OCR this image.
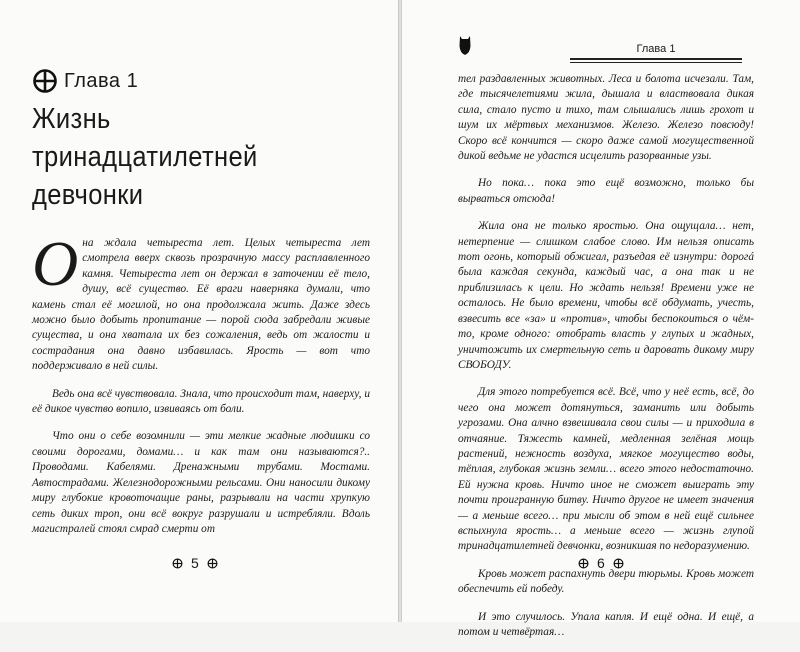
Глава 1
Жизнь тринадцатилетней девчонки

Она ждала четыреста лет. Целых четыреста лет смотрела вверх сквозь прозрачную массу расплавленного камня. Четыреста лет он держал в заточении её тело, душу, всё существо. Её враги наверняка думали, что камень стал её могилой, но она продолжала жить. Даже здесь можно было добыть пропитание — порой сюда забредали живые существа, и она хватала их без сожаления, ведь от жалости и сострадания она давно избавилась. Ярость — вот что поддерживало в ней силы.

Ведь она всё чувствовала. Знала, что происходит там, наверху, и её дикое чувство вопило, извиваясь от боли.

Что они о себе возомнили — эти мелкие жадные людишки со своими дорогами, домами… и как там они называются?.. Проводами. Кабелями. Дренажными трубами. Мостами. Автострадами. Железнодорожными рельсами. Они наносили дикому миру глубокие кровоточащие раны, разрывали на части хрупкую сеть диких троп, они всё вокруг разрушали и истребляли. Вдоль магистралей стоял смрад смерти от

5
Глава 1

тел раздавленных животных. Леса и болота исчезали. Там, где тысячелетиями жила, дышала и властвовала дикая сила, стало пусто и тихо, там слышались лишь грохот и шум их мёртвых механизмов. Железо. Железо повсюду! Скоро всё кончится — скоро даже самой могущественной дикой ведьме не удастся исцелить разорванные узы.

Но пока… пока это ещё возможно, только бы вырваться отсюда!

Жила она не только яростью. Она ощущала… нет, нетерпение — слишком слабое слово. Им нельзя описать тот огонь, который обжигал, разъедая её изнутри: дорогá была каждая секунда, каждый час, а она так и не приблизилась к цели. Но ждать нельзя! Времени уже не осталось. Не было времени, чтобы всё обдумать, учесть, взвесить все «за» и «против», чтобы беспокоиться о чём-то, кроме одного: отобрать власть у глупых и жадных, уничтожить их смертельную сеть и даровать дикому миру СВОБОДУ.

Для этого потребуется всё. Всё, что у неё есть, всё, до чего она может дотянуться, заманить или добыть угрозами. Она алчно взвешивала свои силы — и приходила в отчаяние. Тяжесть камней, медленная зелёная мощь растений, нежность воздуха, мягкое могущество воды, тёплая, глубокая жизнь земли… всего этого недостаточно. Ей нужна кровь. Ничто иное не сможет выиграть эту почти проигранную битву. Ничто другое не имеет значения — а меньше всего… при мысли об этом в ней ещё сильнее вспыхнула ярость… а меньше всего — жизнь глупой тринадцатилетней девчонки, возникшая по недоразумению.

Кровь может распахнуть двери тюрьмы. Кровь может обеспечить ей победу.

И это случилось. Упала капля. И ещё одна. И ещё, а потом и четвёртая…

6
